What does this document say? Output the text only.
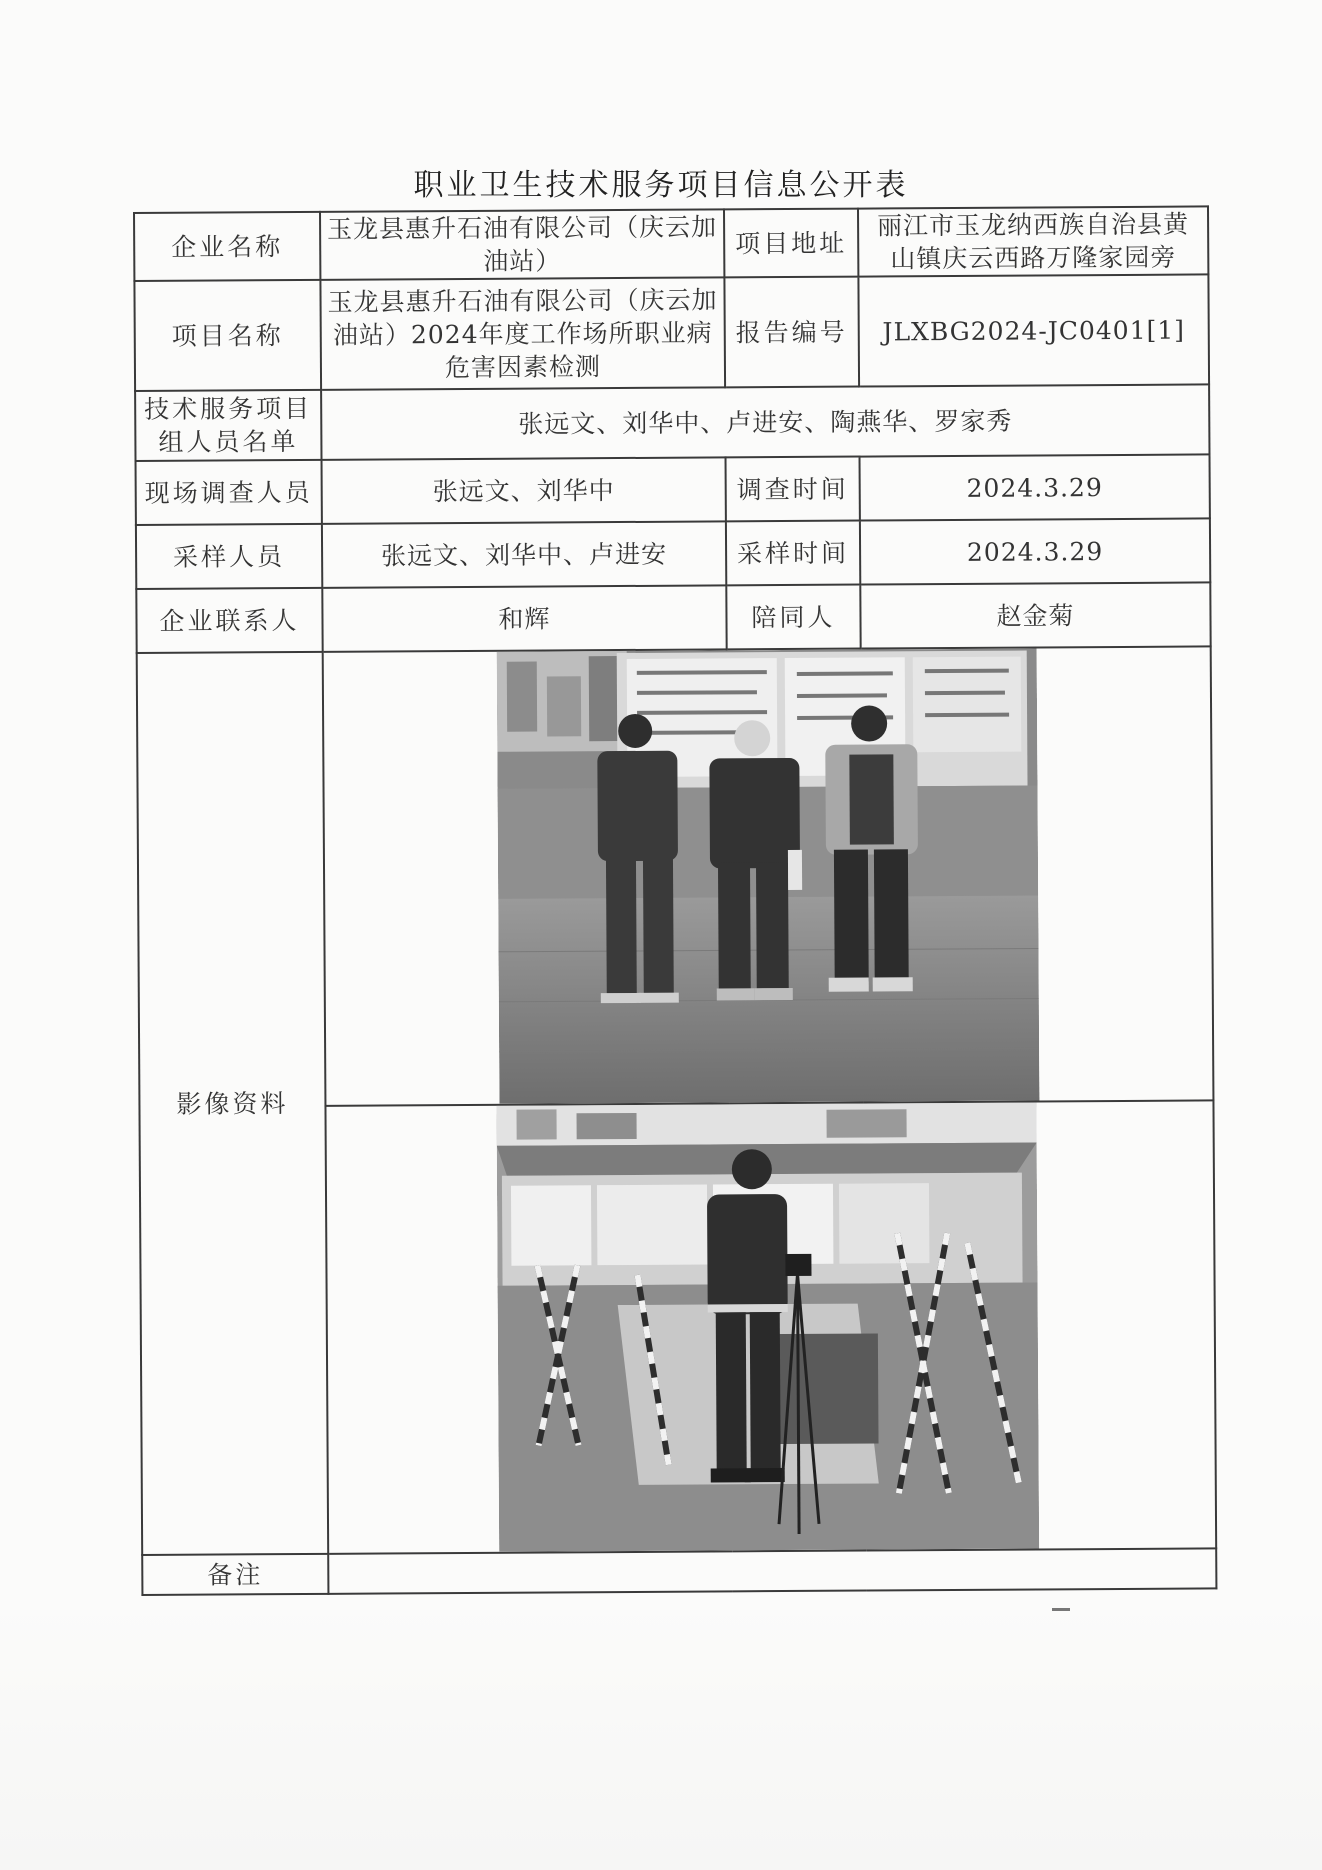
职业卫生技术服务项目信息公开表
企业名称	玉龙县惠升石油有限公司（庆云加油站）	项目地址	丽江市玉龙纳西族自治县黄山镇庆云西路万隆家园旁
项目名称	玉龙县惠升石油有限公司（庆云加油站）2024年度工作场所职业病危害因素检测	报告编号	JLXBG2024-JC0401[1]
技术服务项目组人员名单	张远文、刘华中、卢进安、陶燕华、罗家秀		
现场调查人员	张远文、刘华中	调查时间	2024.3.29
采样人员	张远文、刘华中、卢进安	采样时间	2024.3.29
企业联系人	和辉	陪同人	赵金菊
影像资料	

备注			
